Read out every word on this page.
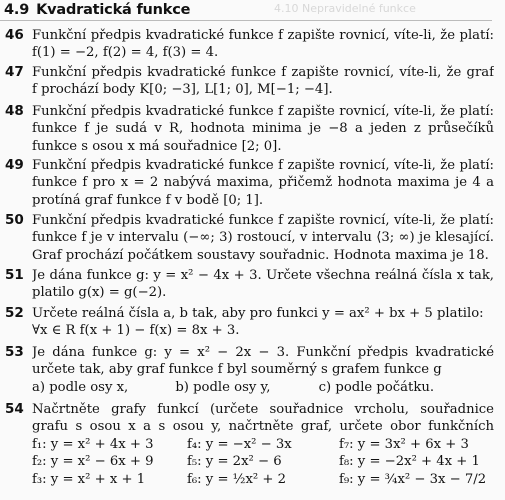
4.9 Kvadratická funkce	4.10 Nepravidelné funkce
46 Funkční předpis kvadratické funkce f zapište rovnicí, víte-li, že platí:
f(1) = −2, f(2) = 4, f(3) = 4.
47 Funkční předpis kvadratické funkce f zapište rovnicí, víte-li, že graf
f prochází body K[0; −3], L[1; 0], M[−1; −4].
48 Funkční předpis kvadratické funkce f zapište rovnicí, víte-li, že platí:
funkce f je sudá v R, hodnota minima je −8 a jeden z průsečíků
funkce s osou x má souřadnice [2; 0].
49 Funkční předpis kvadratické funkce f zapište rovnicí, víte-li, že platí:
funkce f pro x = 2 nabývá maxima, přičemž hodnota maxima je 4 a
protíná graf funkce f v bodě [0; 1].
50 Funkční předpis kvadratické funkce f zapište rovnicí, víte-li, že platí:
funkce f je v intervalu (−∞; 3) rostoucí, v intervalu ⟨3; ∞) je klesající.
Graf prochází počátkem soustavy souřadnic. Hodnota maxima je 18.
51 Je dána funkce g: y = x² − 4x + 3. Určete všechna reálná čísla x tak,
platilo g(x) = g(−2).
52 Určete reálná čísla a, b tak, aby pro funkci y = ax² + bx + 5 platilo:
∀x ∈ R f(x + 1) − f(x) = 8x + 3.
53 Je dána funkce g: y = x² − 2x − 3. Funkční předpis kvadratické
určete tak, aby graf funkce f byl souměrný s grafem funkce g
a) podle osy x,	b) podle osy y,	c) podle počátku.
54 Načrtněte grafy funkcí (určete souřadnice vrcholu, souřadnice
grafu s osou x a s osou y, načrtněte graf, určete obor funkčních
f₁: y = x² + 4x + 3	f₄: y = −x² − 3x	f₇: y = 3x² + 6x + 3
f₂: y = x² − 6x + 9	f₅: y = 2x² − 6	f₈: y = −2x² + 4x + 1
f₃: y = x² + x + 1	f₆: y = ½x² + 2	f₉: y = ¾x² − 3x − 7/2
